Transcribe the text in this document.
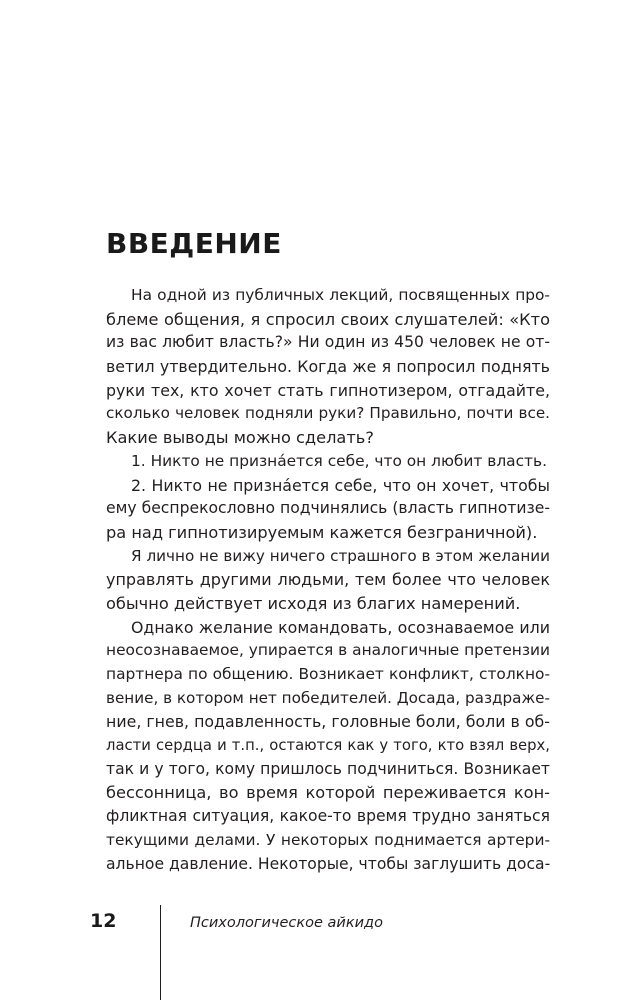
ВВЕДЕНИЕ
На одной из публичных лекций, посвященных про-
блеме общения, я спросил своих слушателей: «Кто
из вас любит власть?» Ни один из 450 человек не от-
ветил утвердительно. Когда же я попросил поднять
руки тех, кто хочет стать гипнотизером, отгадайте,
сколько человек подняли руки? Правильно, почти все.
Какие выводы можно сделать?
1. Никто не признáется себе, что он любит власть.
2. Никто не признáется себе, что он хочет, чтобы
ему беспрекословно подчинялись (власть гипнотизе-
ра над гипнотизируемым кажется безграничной).
Я лично не вижу ничего страшного в этом желании
управлять другими людьми, тем более что человек
обычно действует исходя из благих намерений.
Однако желание командовать, осознаваемое или
неосознаваемое, упирается в аналогичные претензии
партнера по общению. Возникает конфликт, столкно-
вение, в котором нет победителей. Досада, раздраже-
ние, гнев, подавленность, головные боли, боли в об-
ласти сердца и т.п., остаются как у того, кто взял верх,
так и у того, кому пришлось подчиниться. Возникает
бессонница, во время которой переживается кон-
фликтная ситуация, какое-то время трудно заняться
текущими делами. У некоторых поднимается артери-
альное давление. Некоторые, чтобы заглушить доса-
12	Психологическое айкидо
